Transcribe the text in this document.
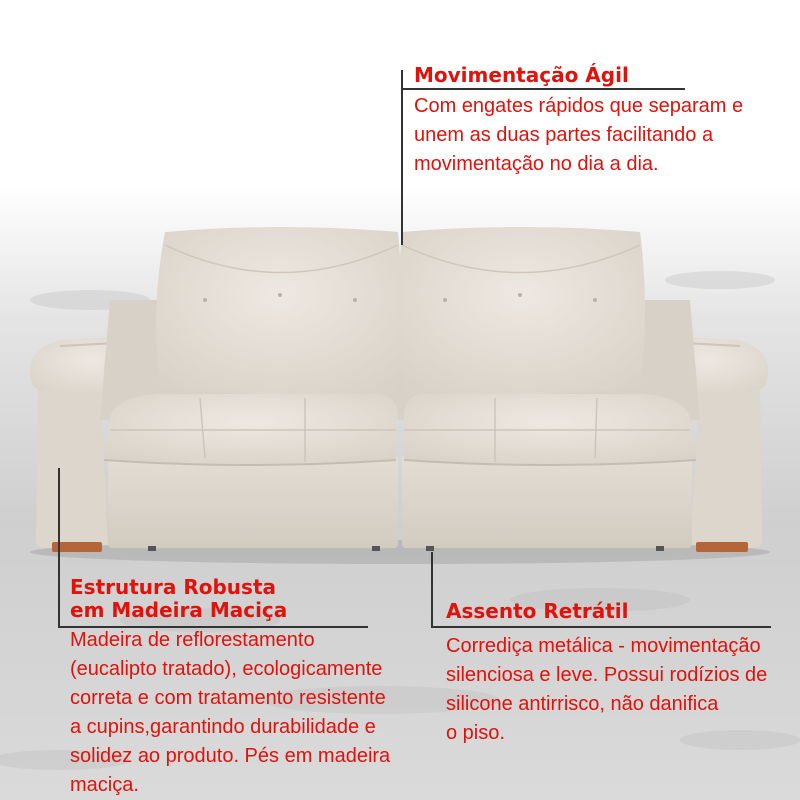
Movimentação Ágil
Com engates rápidos que separam e
unem as duas partes facilitando a
movimentação no dia a dia.
Estrutura Robusta
em Madeira Maciça
Madeira de reflorestamento
(eucalipto tratado), ecologicamente
correta e com tratamento resistente
a cupins,garantindo durabilidade e
solidez ao produto. Pés em madeira
maciça.
Assento Retrátil
Corrediça metálica - movimentação
silenciosa e leve. Possui rodízios de
silicone antirrisco, não danifica
o piso.
